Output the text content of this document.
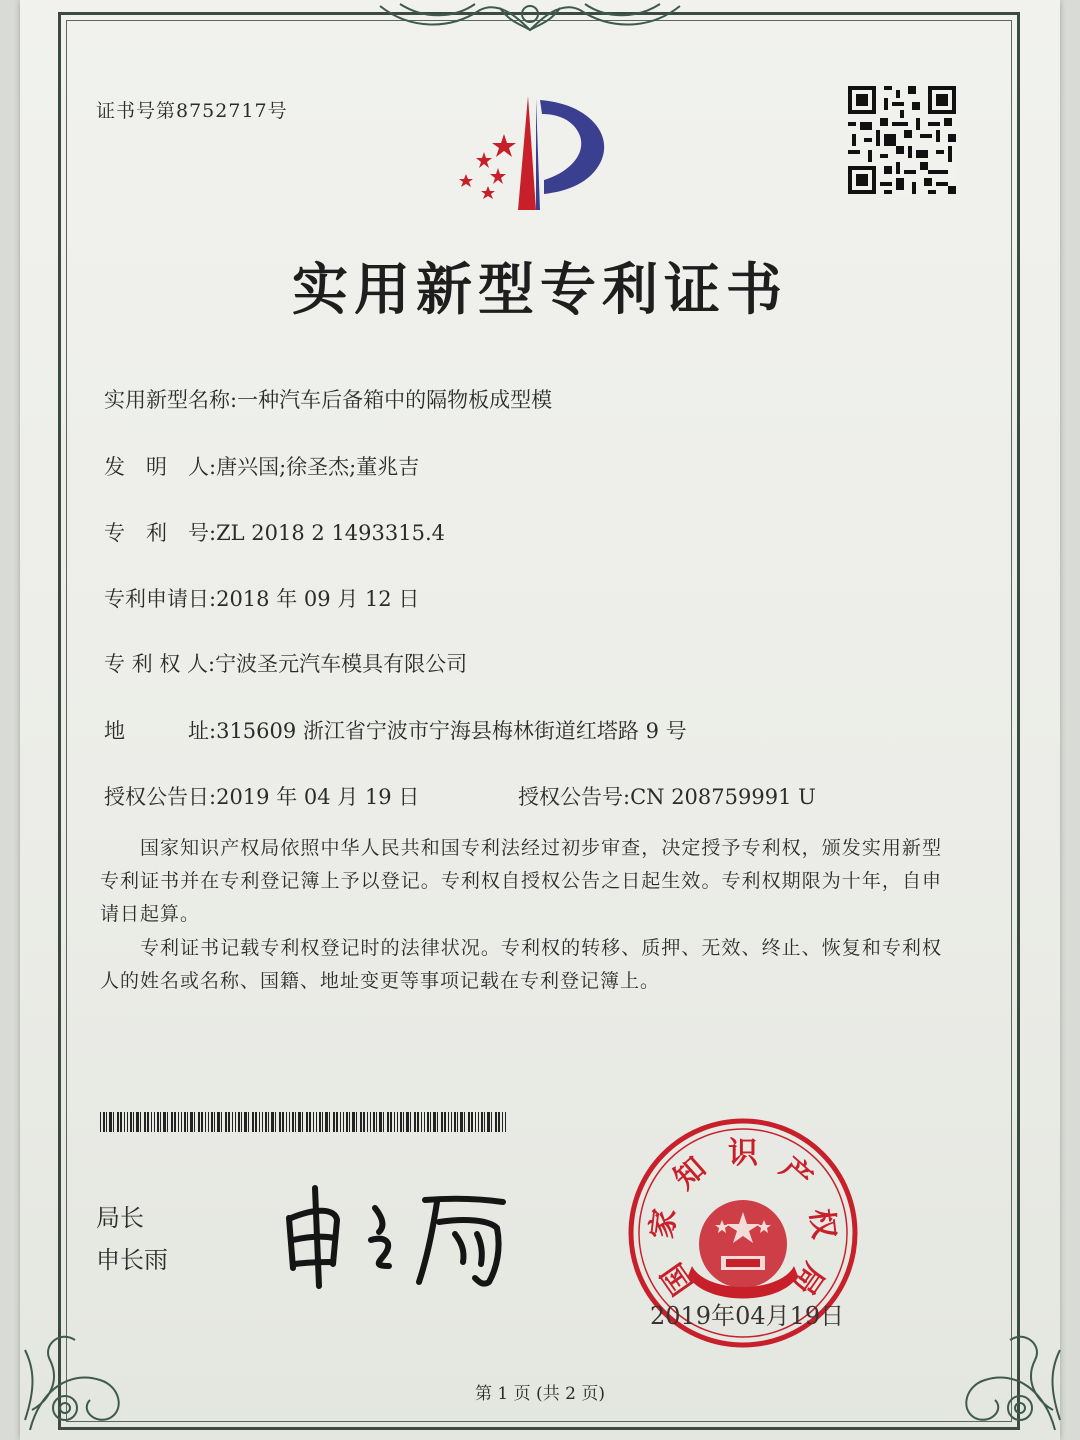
证书号第8752717号
实用新型专利证书
实用新型名称:一种汽车后备箱中的隔物板成型模
发　明　人:唐兴国;徐圣杰;董兆吉
专　利　号:ZL 2018 2 1493315.4
专利申请日:2018 年 09 月 12 日
专 利 权 人:宁波圣元汽车模具有限公司
地　　　址:315609 浙江省宁波市宁海县梅林街道红塔路 9 号
授权公告日:2019 年 04 月 19 日	授权公告号:CN 208759991 U
国家知识产权局依照中华人民共和国专利法经过初步审查，决定授予专利权，颁发实用新型专利证书并在专利登记簿上予以登记。专利权自授权公告之日起生效。专利权期限为十年，自申请日起算。
专利证书记载专利权登记时的法律状况。专利权的转移、质押、无效、终止、恢复和专利权人的姓名或名称、国籍、地址变更等事项记载在专利登记簿上。
局长
申长雨	国
家
知 识 产
权
局
2019年04月19日
第 1 页 (共 2 页)
